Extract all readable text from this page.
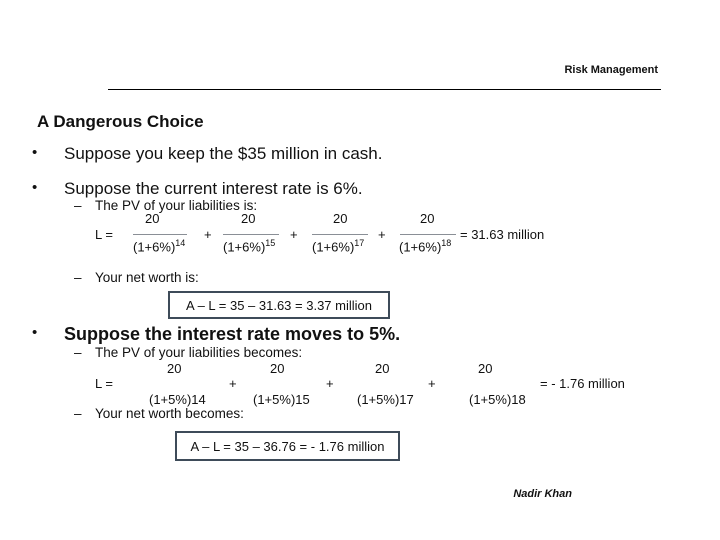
Risk Management
A Dangerous Choice
• Suppose you keep the $35 million in cash.
• Suppose the current interest rate is 6%.
– The PV of your liabilities is:
L =
20
$(1+6\%)^{14}$
+
20
$(1+6\%)^{15}$
+
20
$(1+6\%)^{17}$
+
20
$(1+6\%)^{18}$
= 31.63 million
– Your net worth is:
A – L = 35 – 31.63 = 3.37 million
• Suppose the interest rate moves to 5%.
– The PV of your liabilities becomes:
L =
20
(1+5%)14
+
20
(1+5%)15
+
20
(1+5%)17
+
20
(1+5%)18
= - 1.76 million
– Your net worth becomes:
A – L = 35 – 36.76 = - 1.76 million
Nadir Khan
